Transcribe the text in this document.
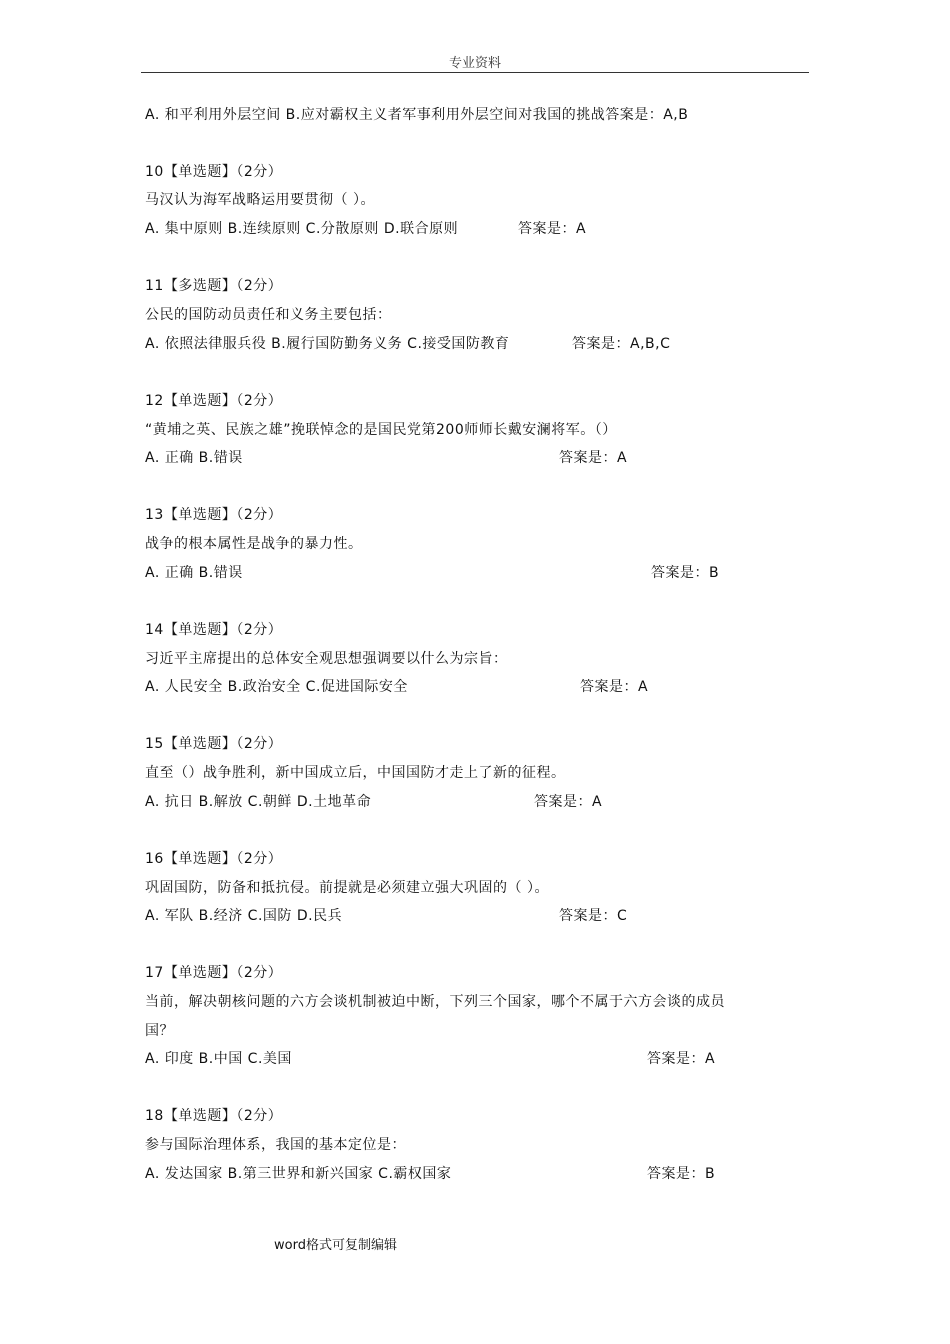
专业资料
A. 和平利用外层空间 B.应对霸权主义者军事利用外层空间对我国的挑战答案是：A,B
10【单选题】（2分）
马汉认为海军战略运用要贯彻（ ）。
A. 集中原则 B.连续原则 C.分散原则 D.联合原则	答案是：A
11【多选题】（2分）
公民的国防动员责任和义务主要包括：
A. 依照法律服兵役 B.履行国防勤务义务 C.接受国防教育	答案是：A,B,C
12【单选题】（2分）
“黄埔之英、民族之雄”挽联悼念的是国民党第200师师长戴安澜将军。（）
A. 正确 B.错误	答案是：A
13【单选题】（2分）
战争的根本属性是战争的暴力性。
A. 正确 B.错误	答案是：B
14【单选题】（2分）
习近平主席提出的总体安全观思想强调要以什么为宗旨：
A. 人民安全 B.政治安全 C.促进国际安全	答案是：A
15【单选题】（2分）
直至（）战争胜利，新中国成立后，中国国防才走上了新的征程。
A. 抗日 B.解放 C.朝鲜 D.土地革命	答案是：A
16【单选题】（2分）
巩固国防，防备和抵抗侵。前提就是必须建立强大巩固的（ ）。
A. 军队 B.经济 C.国防 D.民兵	答案是：C
17【单选题】（2分）
当前，解决朝核问题的六方会谈机制被迫中断，下列三个国家，哪个不属于六方会谈的成员
国？
A. 印度 B.中国 C.美国	答案是：A
18【单选题】（2分）
参与国际治理体系，我国的基本定位是：
A. 发达国家 B.第三世界和新兴国家 C.霸权国家	答案是：B
word格式可复制编辑
